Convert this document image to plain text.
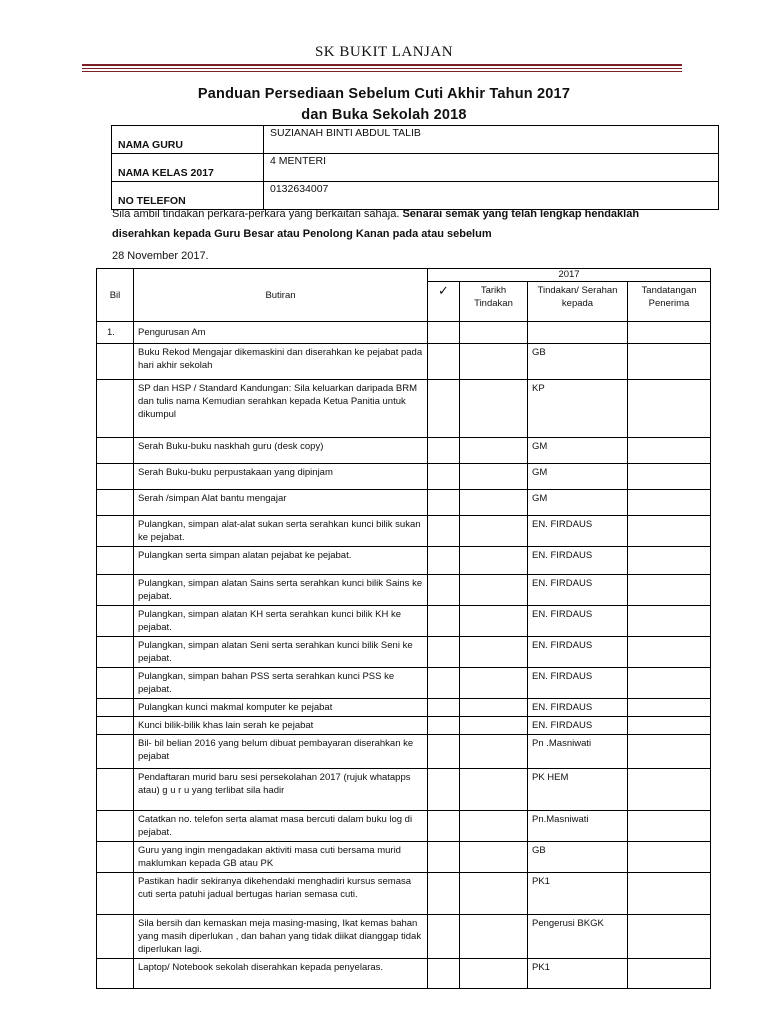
SK BUKIT LANJAN
Panduan Persediaan Sebelum Cuti Akhir Tahun 2017
dan Buka Sekolah 2018
NAMA GURU	SUZIANAH BINTI ABDUL TALIB
NAMA KELAS 2017	4 MENTERI
NO TELEFON	0132634007
Sila ambil tindakan perkara-perkara yang berkaitan sahaja. Senarai semak yang telah lengkap hendaklah diserahkan kepada Guru Besar atau Penolong Kanan pada atau sebelum
28 November 2017.
Bil	Butiran	2017			
		✓	Tarikh Tindakan	Tindakan/ Serahan kepada	Tandatangan Penerima
1.	Pengurusan Am				
	Buku Rekod Mengajar dikemaskini dan diserahkan ke pejabat pada hari akhir sekolah			GB	
	SP dan HSP / Standard Kandungan: Sila keluarkan daripada BRM dan tulis nama Kemudian serahkan kepada Ketua Panitia untuk dikumpul			KP	
	Serah Buku-buku naskhah guru (desk copy)			GM	
	Serah Buku-buku perpustakaan yang dipinjam			GM	
	Serah /simpan Alat bantu mengajar			GM	
	Pulangkan, simpan alat-alat sukan serta serahkan kunci bilik sukan ke pejabat.			EN. FIRDAUS	
	Pulangkan serta simpan alatan pejabat ke pejabat.			EN. FIRDAUS	
	Pulangkan, simpan alatan Sains serta serahkan kunci bilik Sains ke pejabat.			EN. FIRDAUS	
	Pulangkan, simpan alatan KH serta serahkan kunci bilik KH ke pejabat.			EN. FIRDAUS	
	Pulangkan, simpan alatan Seni serta serahkan kunci bilik Seni ke pejabat.			EN. FIRDAUS	
	Pulangkan, simpan bahan PSS serta serahkan kunci PSS ke pejabat.			EN. FIRDAUS	
	Pulangkan kunci makmal komputer ke pejabat			EN. FIRDAUS	
	Kunci bilik-bilik khas lain serah ke pejabat			EN. FIRDAUS	
	Bil- bil belian 2016 yang belum dibuat pembayaran diserahkan ke pejabat			Pn .Masniwati	
	Pendaftaran murid baru sesi persekolahan 2017 (rujuk whatapps atau) g u r u yang terlibat sila hadir			PK HEM	
	Catatkan no. telefon serta alamat masa bercuti dalam buku log di pejabat.			Pn.Masniwati	
	Guru yang ingin mengadakan aktiviti masa cuti bersama murid maklumkan kepada GB atau PK			GB	
	Pastikan hadir sekiranya dikehendaki menghadiri kursus semasa cuti serta patuhi jadual bertugas harian semasa cuti.			PK1	
	Sila bersih dan kemaskan meja masing-masing, Ikat kemas bahan yang masih diperlukan , dan bahan yang tidak diikat dianggap tidak diperlukan lagi.			Pengerusi BKGK	
	Laptop/ Notebook sekolah diserahkan kepada penyelaras.			PK1	
